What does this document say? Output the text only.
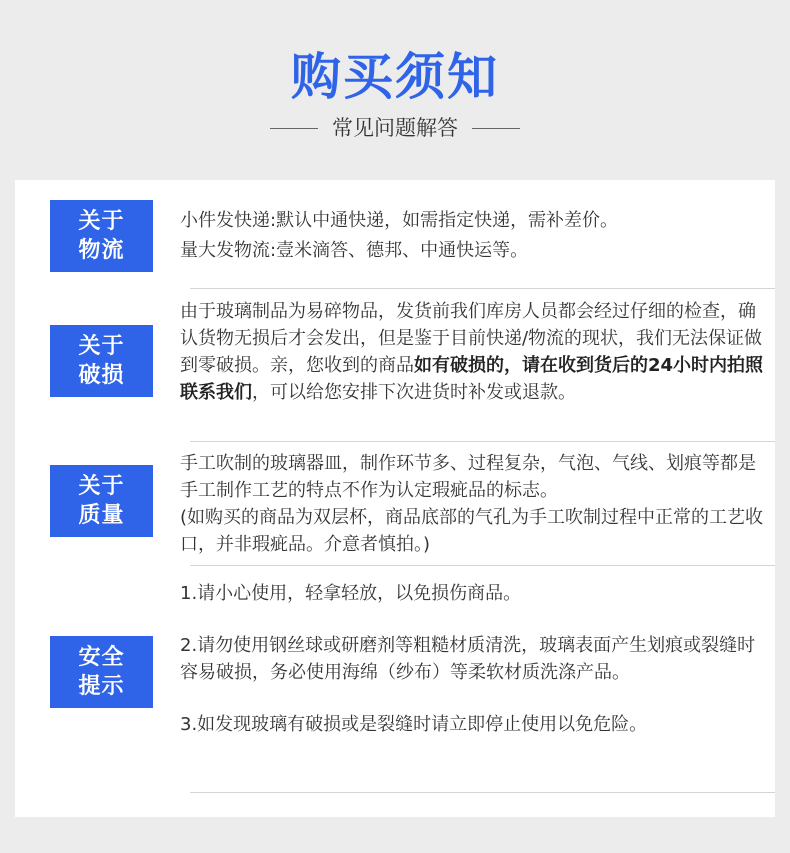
购买须知
常见问题解答
关于
物流

小件发快递:默认中通快递，如需指定快递，需补差价。

量大发物流:壹米滴答、德邦、中通快运等。

关于
破损

由于玻璃制品为易碎物品，发货前我们库房人员都会经过仔细的检查，确认货物无损后才会发出，但是鉴于目前快递/物流的现状，我们无法保证做到零破损。亲，您收到的商品如有破损的，请在收到货后的24小时内拍照联系我们，可以给您安排下次进货时补发或退款。

关于
质量

手工吹制的玻璃器皿，制作环节多、过程复杂，气泡、气线、划痕等都是手工制作工艺的特点不作为认定瑕疵品的标志。

(如购买的商品为双层杯，商品底部的气孔为手工吹制过程中正常的工艺收口，并非瑕疵品。介意者慎拍。)

安全
提示

1.请小心使用，轻拿轻放，以免损伤商品。

2.请勿使用钢丝球或研磨剂等粗糙材质清洗，玻璃表面产生划痕或裂缝时容易破损，务必使用海绵（纱布）等柔软材质洗涤产品。

3.如发现玻璃有破损或是裂缝时请立即停止使用以免危险。
